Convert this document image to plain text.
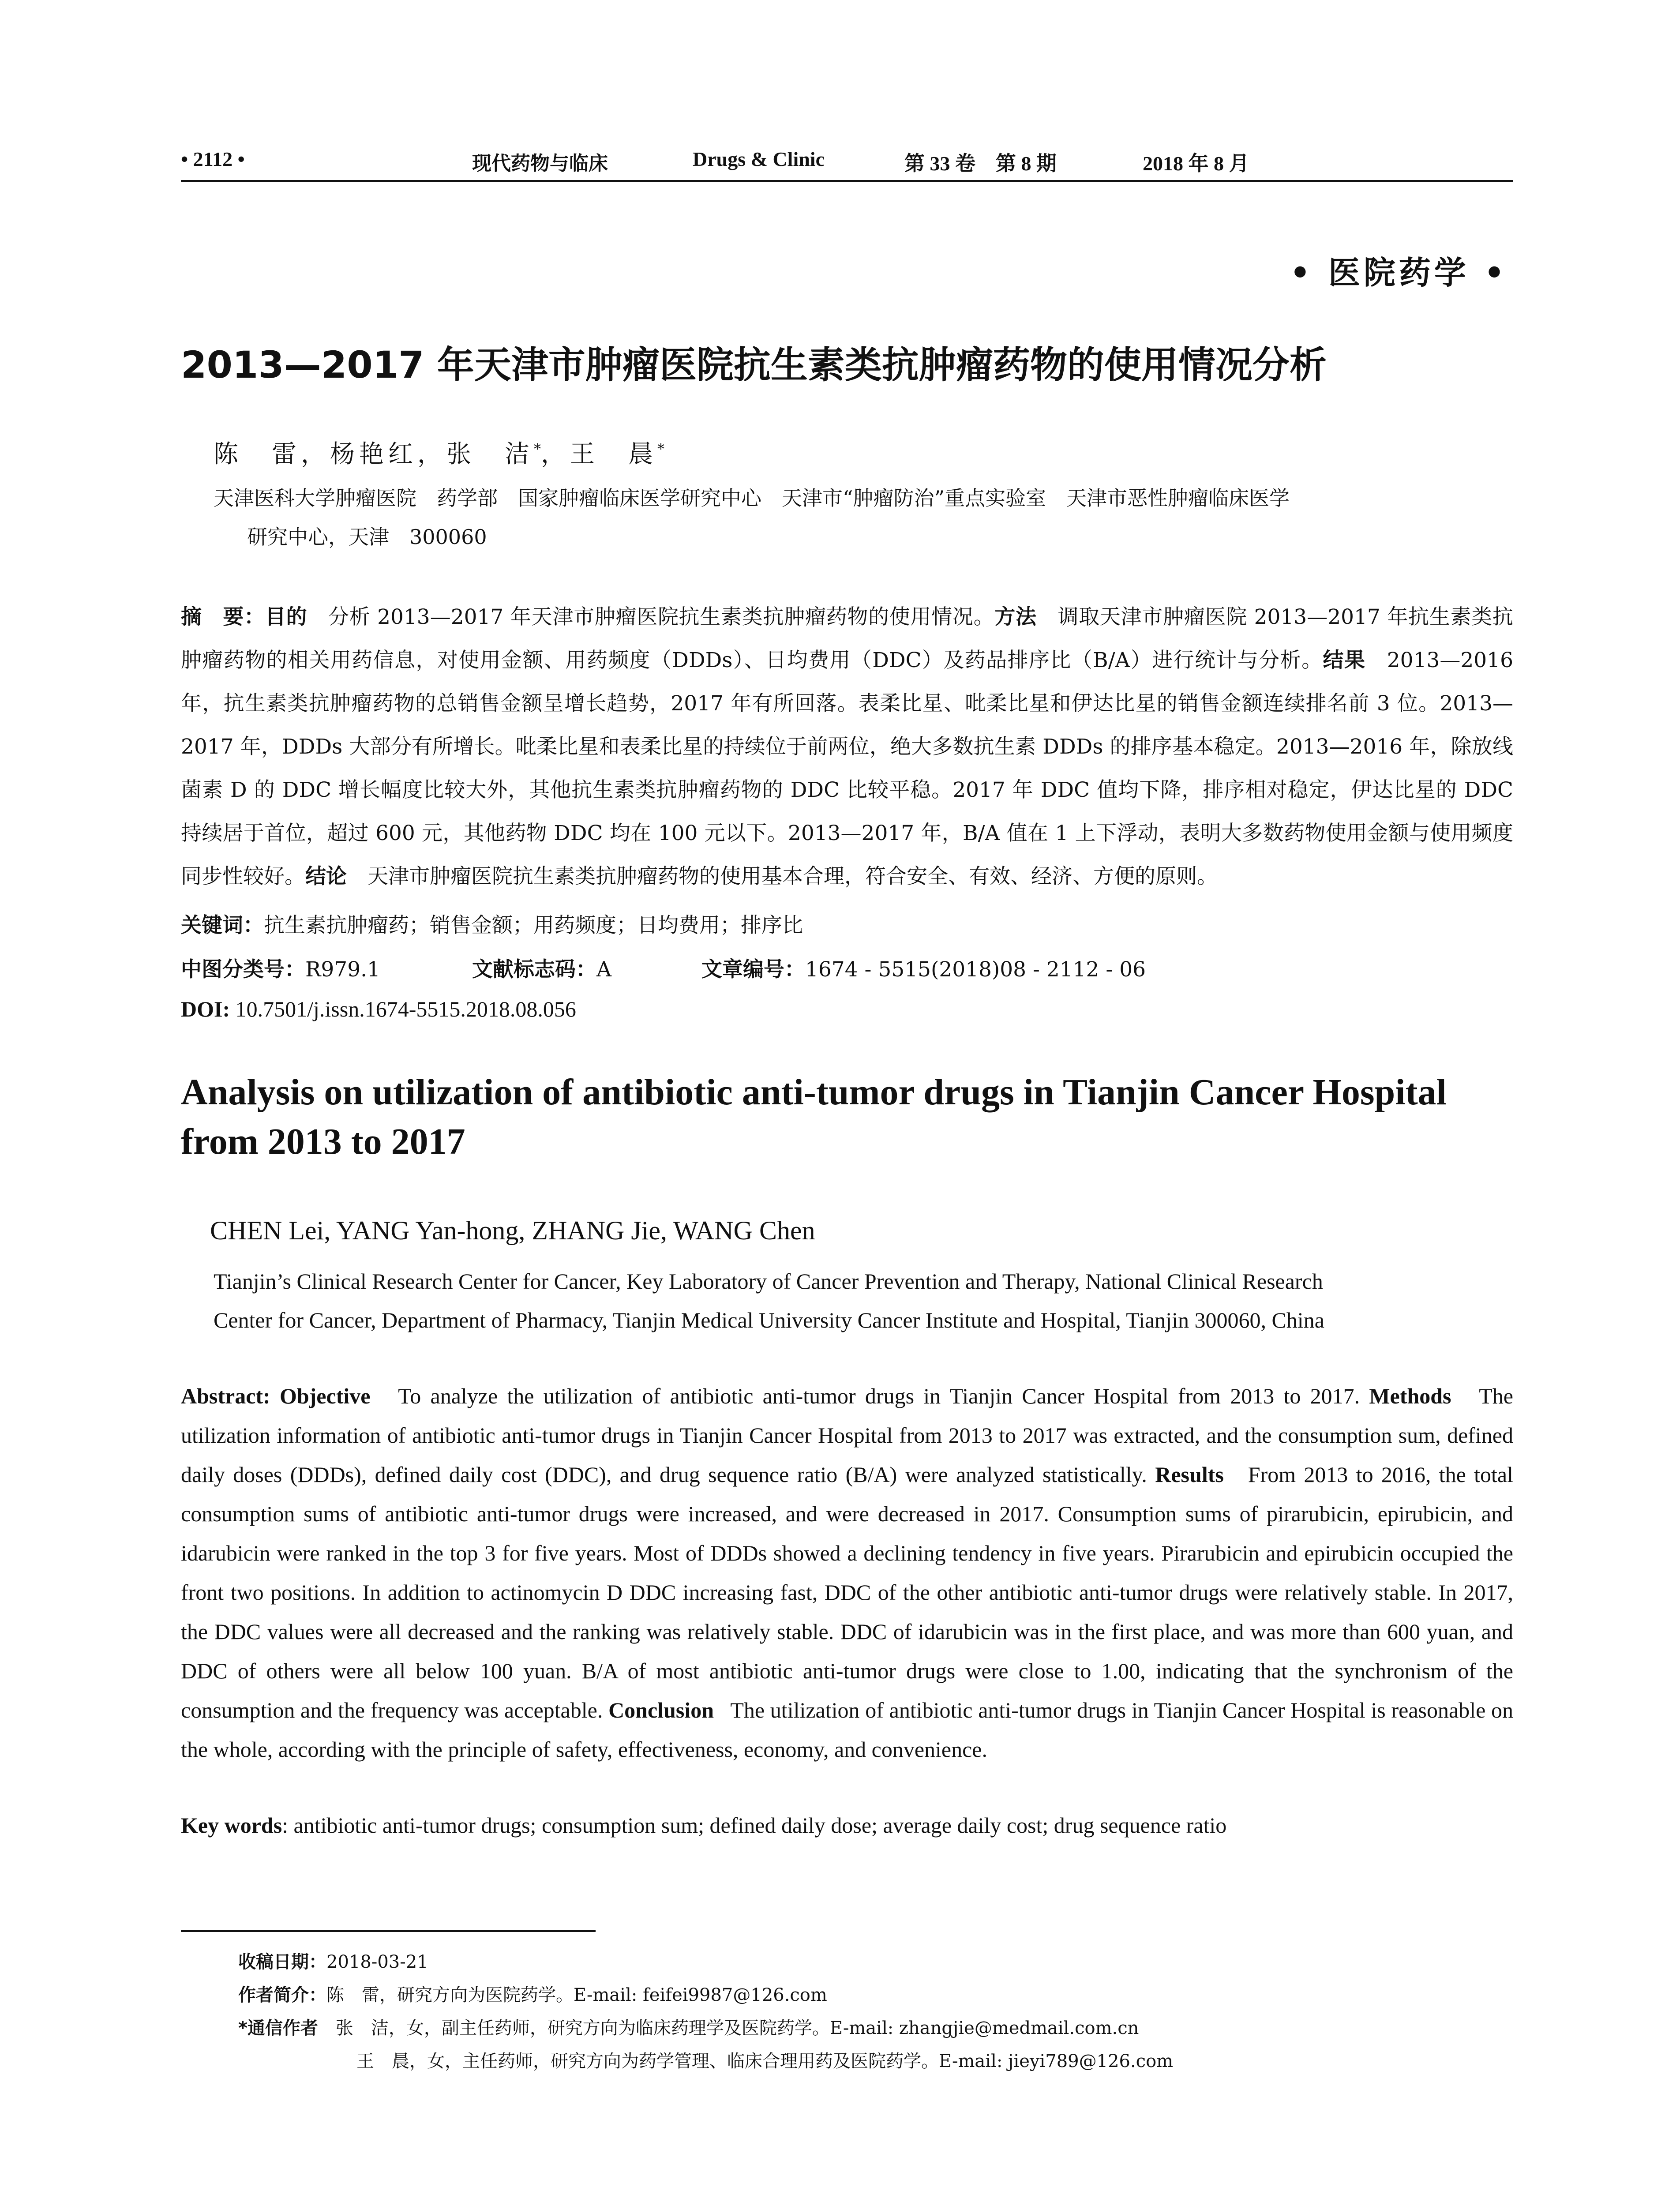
• 2112 •	现代药物与临床	Drugs & Clinic	第 33 卷　第 8 期	2018 年 8 月
• 医院药学 •
2013—2017 年天津市肿瘤医院抗生素类抗肿瘤药物的使用情况分析
陈　雷，杨艳红，张　洁*，王　晨*
天津医科大学肿瘤医院　药学部　国家肿瘤临床医学研究中心　天津市“肿瘤防治”重点实验室　天津市恶性肿瘤临床医学
研究中心，天津　300060
摘　要：目的　分析 2013—2017 年天津市肿瘤医院抗生素类抗肿瘤药物的使用情况。方法　调取天津市肿瘤医院 2013—2017 年抗生素类抗肿瘤药物的相关用药信息，对使用金额、用药频度（DDDs）、日均费用（DDC）及药品排序比（B/A）进行统计与分析。结果　2013—2016 年，抗生素类抗肿瘤药物的总销售金额呈增长趋势，2017 年有所回落。表柔比星、吡柔比星和伊达比星的销售金额连续排名前 3 位。2013—2017 年，DDDs 大部分有所增长。吡柔比星和表柔比星的持续位于前两位，绝大多数抗生素 DDDs 的排序基本稳定。2013—2016 年，除放线菌素 D 的 DDC 增长幅度比较大外，其他抗生素类抗肿瘤药物的 DDC 比较平稳。2017 年 DDC 值均下降，排序相对稳定，伊达比星的 DDC 持续居于首位，超过 600 元，其他药物 DDC 均在 100 元以下。2013—2017 年，B/A 值在 1 上下浮动，表明大多数药物使用金额与使用频度同步性较好。结论　天津市肿瘤医院抗生素类抗肿瘤药物的使用基本合理，符合安全、有效、经济、方便的原则。
关键词：抗生素抗肿瘤药；销售金额；用药频度；日均费用；排序比
中图分类号：R979.1	文献标志码：A	文章编号：1674 - 5515(2018)08 - 2112 - 06
DOI: 10.7501/j.issn.1674-5515.2018.08.056
Analysis on utilization of antibiotic anti-tumor drugs in Tianjin Cancer Hospital from 2013 to 2017
CHEN Lei, YANG Yan-hong, ZHANG Jie, WANG Chen
Tianjin’s Clinical Research Center for Cancer, Key Laboratory of Cancer Prevention and Therapy, National Clinical Research
Center for Cancer, Department of Pharmacy, Tianjin Medical University Cancer Institute and Hospital, Tianjin 300060, China
Abstract: Objective   To analyze the utilization of antibiotic anti-tumor drugs in Tianjin Cancer Hospital from 2013 to 2017. Methods   The utilization information of antibiotic anti-tumor drugs in Tianjin Cancer Hospital from 2013 to 2017 was extracted, and the consumption sum, defined daily doses (DDDs), defined daily cost (DDC), and drug sequence ratio (B/A) were analyzed statistically. Results   From 2013 to 2016, the total consumption sums of antibiotic anti-tumor drugs were increased, and were decreased in 2017. Consumption sums of pirarubicin, epirubicin, and idarubicin were ranked in the top 3 for five years. Most of DDDs showed a declining tendency in five years. Pirarubicin and epirubicin occupied the front two positions. In addition to actinomycin D DDC increasing fast, DDC of the other antibiotic anti-tumor drugs were relatively stable. In 2017, the DDC values were all decreased and the ranking was relatively stable. DDC of idarubicin was in the first place, and was more than 600 yuan, and DDC of others were all below 100 yuan. B/A of most antibiotic anti-tumor drugs were close to 1.00, indicating that the synchronism of the consumption and the frequency was acceptable. Conclusion   The utilization of antibiotic anti-tumor drugs in Tianjin Cancer Hospital is reasonable on the whole, according with the principle of safety, effectiveness, economy, and convenience.
Key words: antibiotic anti-tumor drugs; consumption sum; defined daily dose; average daily cost; drug sequence ratio
收稿日期：2018-03-21
作者简介：陈　雷，研究方向为医院药学。E-mail: feifei9987@126.com
*通信作者　张　洁，女，副主任药师，研究方向为临床药理学及医院药学。E-mail: zhangjie@medmail.com.cn
王　晨，女，主任药师，研究方向为药学管理、临床合理用药及医院药学。E-mail: jieyi789@126.com
